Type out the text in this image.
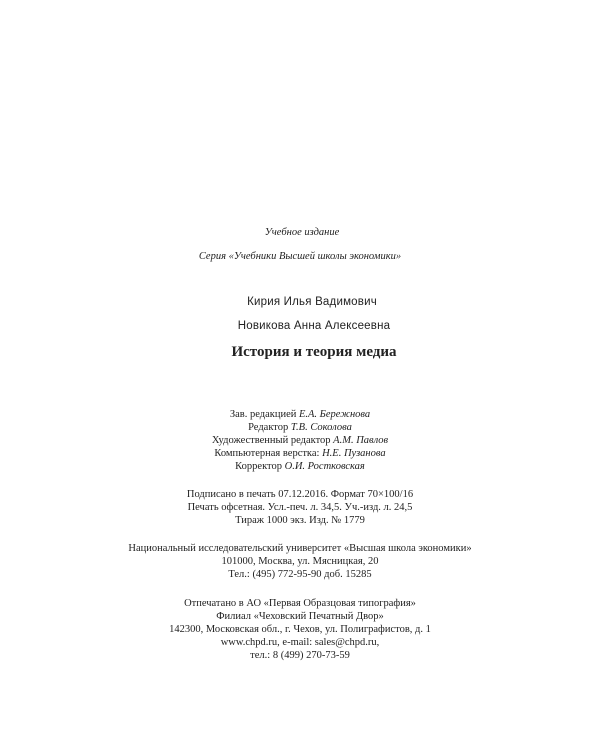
Учебное издание
Серия «Учебники Высшей школы экономики»
Кирия Илья Вадимович
Новикова Анна Алексеевна
История и теория медиа
Зав. редакцией Е.А. Бережнова
Редактор Т.В. Соколова
Художественный редактор А.М. Павлов
Компьютерная верстка: Н.Е. Пузанова
Корректор О.И. Ростковская
Подписано в печать 07.12.2016. Формат 70×100/16
Печать офсетная. Усл.-печ. л. 34,5. Уч.-изд. л. 24,5
Тираж 1000 экз. Изд. № 1779
Национальный исследовательский университет «Высшая школа экономики»
101000, Москва, ул. Мясницкая, 20
Тел.: (495) 772-95-90 доб. 15285
Отпечатано в АО «Первая Образцовая типография»
Филиал «Чеховский Печатный Двор»
142300, Московская обл., г. Чехов, ул. Полиграфистов, д. 1
www.chpd.ru, e-mail: sales@chpd.ru,
тел.: 8 (499) 270-73-59
